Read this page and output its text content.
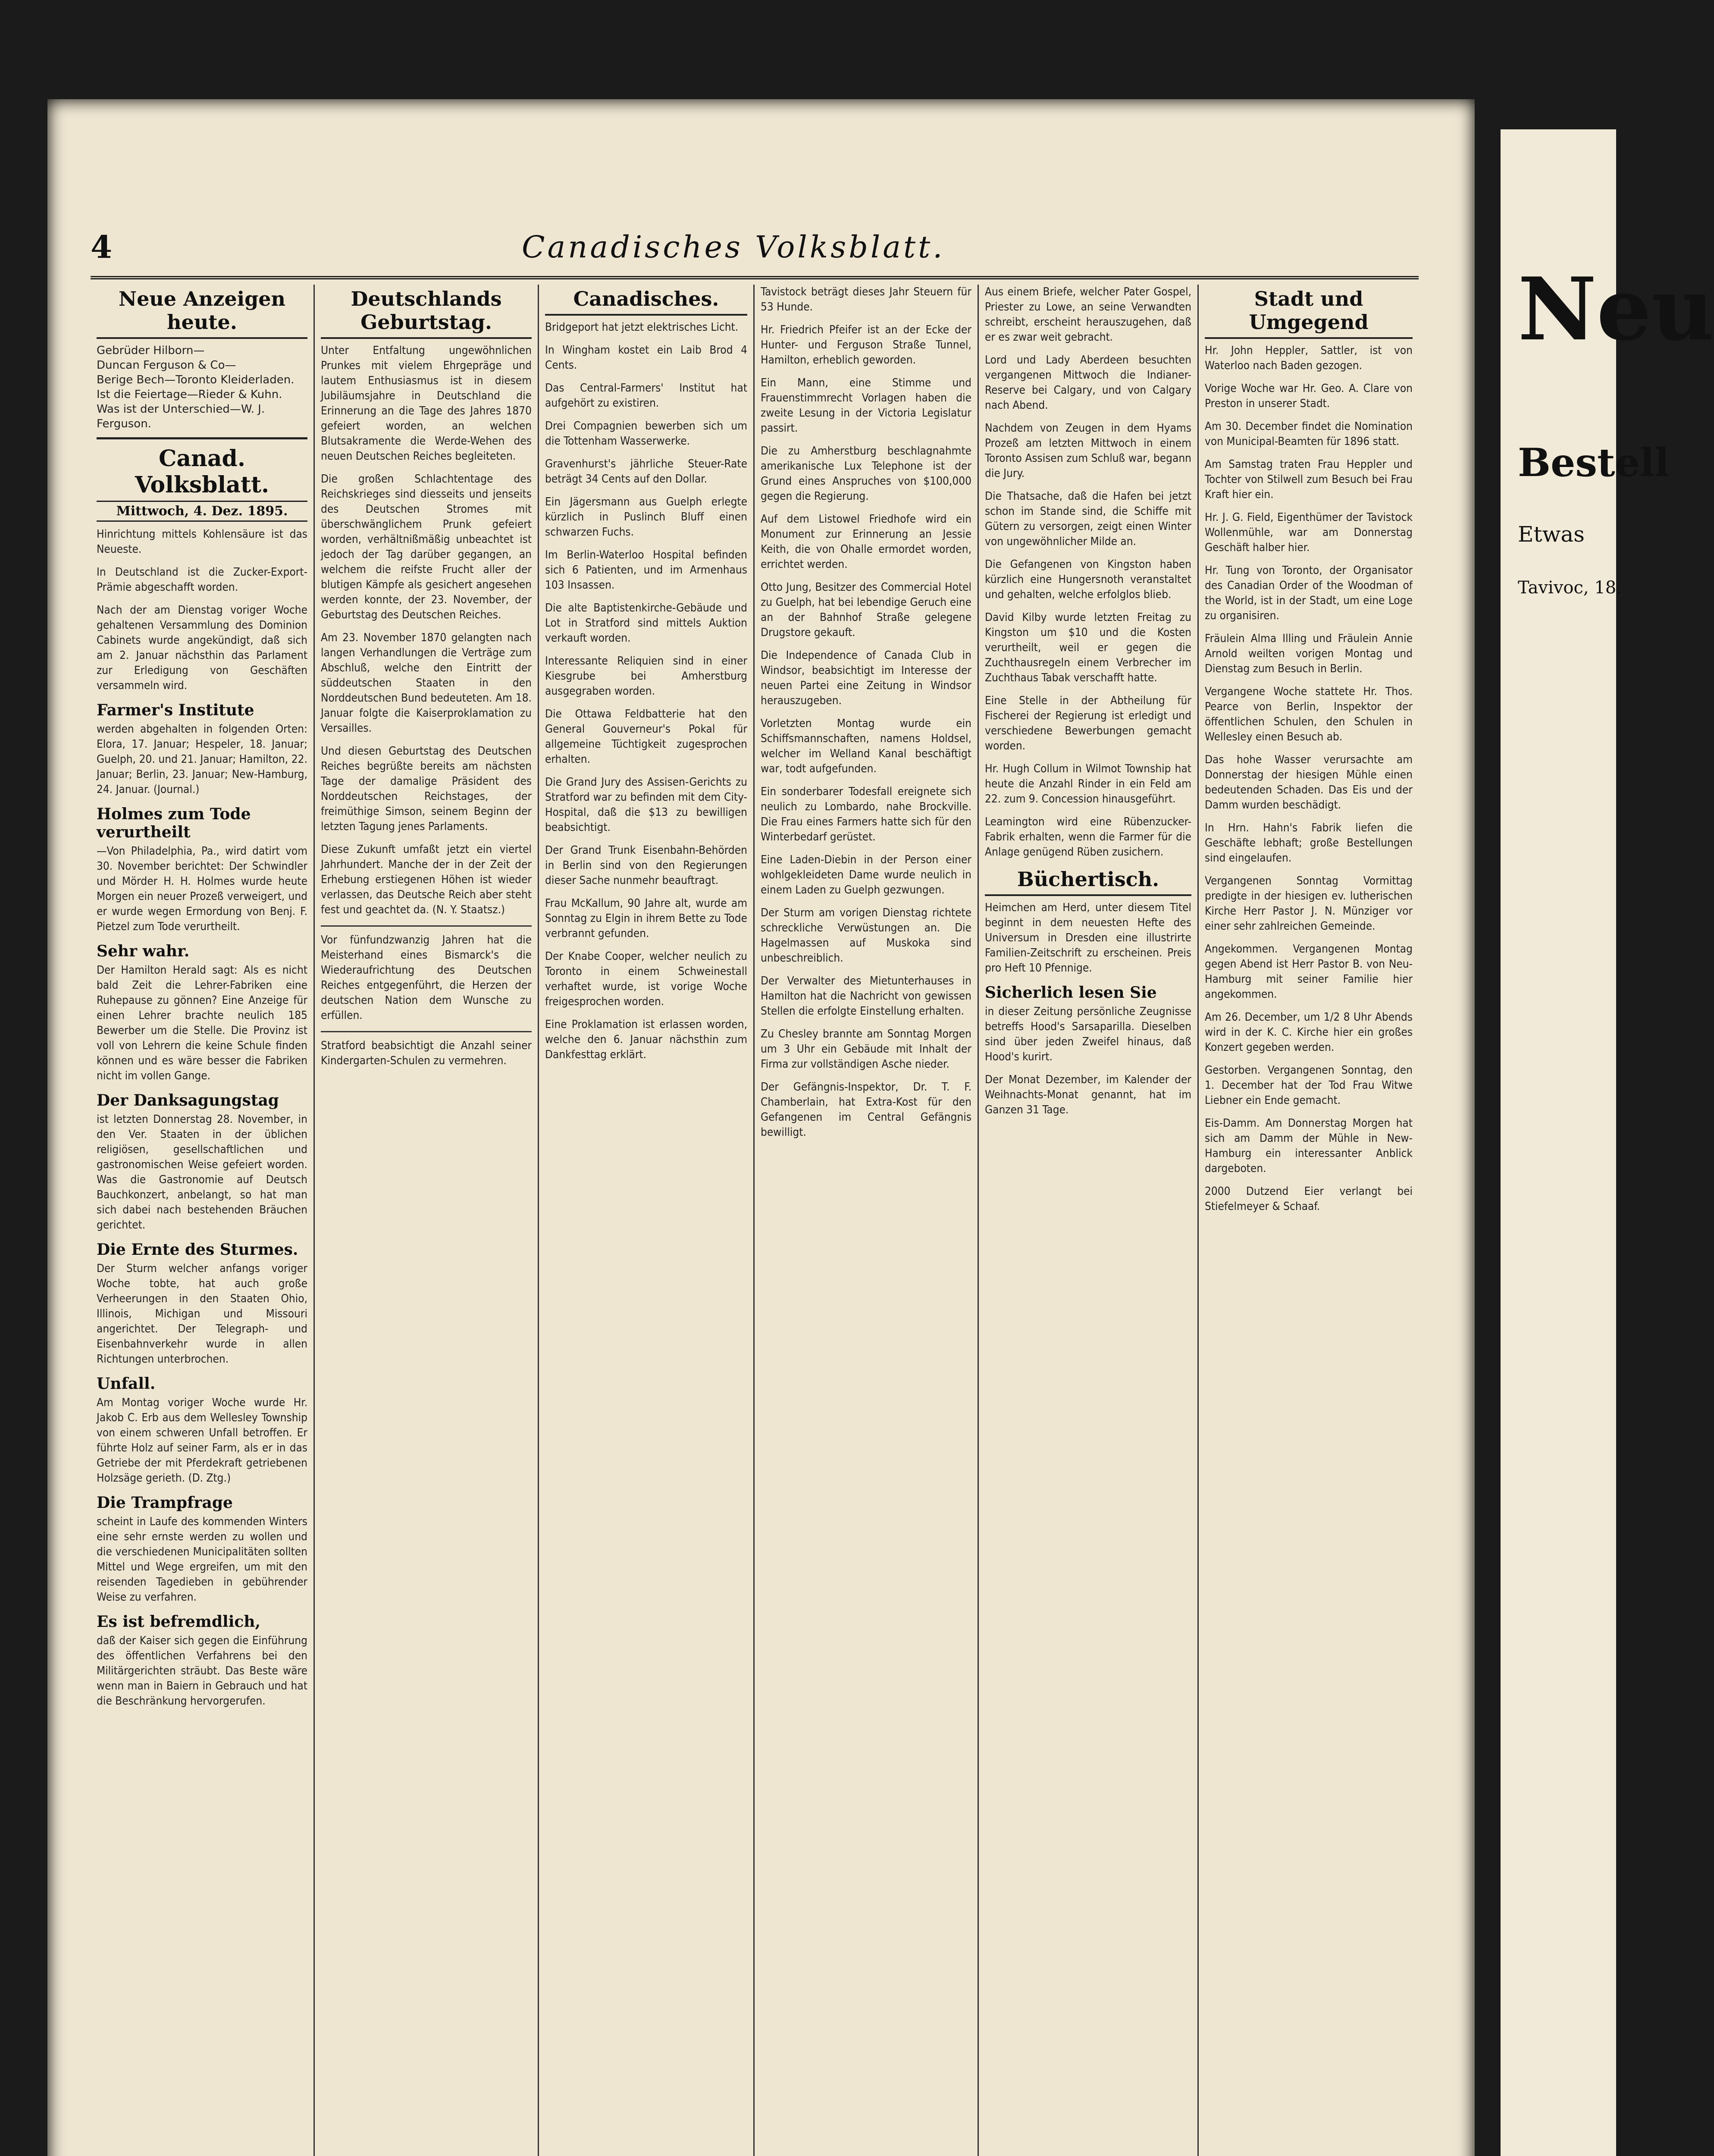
4	Canadisches Volksblatt.
Neue Anzeigen heute.
Gebrüder Hilborn—
Duncan Ferguson & Co—
Berige Bech—Toronto Kleiderladen.
Ist die Feiertage—Rieder & Kuhn.
Was ist der Unterschied—W. J. Ferguson.
Canad. Volksblatt.
Mittwoch, 4. Dez. 1895.

Hinrichtung mittels Kohlensäure ist das Neueste.

In Deutschland ist die Zucker-Export-Prämie abgeschafft worden.

Nach der am Dienstag voriger Woche gehaltenen Versammlung des Dominion Cabinets wurde angekündigt, daß sich am 2. Januar nächsthin das Parlament zur Erledigung von Geschäften versammeln wird.

Farmer's Institute

werden abgehalten in folgenden Orten: Elora, 17. Januar; Hespeler, 18. Januar; Guelph, 20. und 21. Januar; Hamilton, 22. Januar; Berlin, 23. Januar; New-Hamburg, 24. Januar. (Journal.)

Holmes zum Tode verurtheilt

—Von Philadelphia, Pa., wird datirt vom 30. November berichtet: Der Schwindler und Mörder H. H. Holmes wurde heute Morgen ein neuer Prozeß verweigert, und er wurde wegen Ermordung von Benj. F. Pietzel zum Tode verurtheilt.

Sehr wahr.

Der Hamilton Herald sagt: Als es nicht bald Zeit die Lehrer-Fabriken eine Ruhepause zu gönnen? Eine Anzeige für einen Lehrer brachte neulich 185 Bewerber um die Stelle. Die Provinz ist voll von Lehrern die keine Schule finden können und es wäre besser die Fabriken nicht im vollen Gange.

Der Danksagungstag

ist letzten Donnerstag 28. November, in den Ver. Staaten in der üblichen religiösen, gesellschaftlichen und gastronomischen Weise gefeiert worden. Was die Gastronomie auf Deutsch Bauchkonzert, anbelangt, so hat man sich dabei nach bestehenden Bräuchen gerichtet.

Die Ernte des Sturmes.

Der Sturm welcher anfangs voriger Woche tobte, hat auch große Verheerungen in den Staaten Ohio, Illinois, Michigan und Missouri angerichtet. Der Telegraph- und Eisenbahnverkehr wurde in allen Richtungen unterbrochen.

Unfall.

Am Montag voriger Woche wurde Hr. Jakob C. Erb aus dem Wellesley Township von einem schweren Unfall betroffen. Er führte Holz auf seiner Farm, als er in das Getriebe der mit Pferdekraft getriebenen Holzsäge gerieth. (D. Ztg.)

Die Trampfrage

scheint in Laufe des kommenden Winters eine sehr ernste werden zu wollen und die verschiedenen Municipalitäten sollten Mittel und Wege ergreifen, um mit den reisenden Tagedieben in gebührender Weise zu verfahren.

Es ist befremdlich,

daß der Kaiser sich gegen die Einführung des öffentlichen Verfahrens bei den Militärgerichten sträubt. Das Beste wäre wenn man in Baiern in Gebrauch und hat die Beschränkung hervorgerufen.

Deutschlands Geburtstag.

Unter Entfaltung ungewöhnlichen Prunkes mit vielem Ehrgepräge und lautem Enthusiasmus ist in diesem Jubiläumsjahre in Deutschland die Erinnerung an die Tage des Jahres 1870 gefeiert worden, an welchen Blutsakramente die Werde-Wehen des neuen Deutschen Reiches begleiteten.

Die großen Schlachtentage des Reichskrieges sind diesseits und jenseits des Deutschen Stromes mit überschwänglichem Prunk gefeiert worden, verhältnißmäßig unbeachtet ist jedoch der Tag darüber gegangen, an welchem die reifste Frucht aller der blutigen Kämpfe als gesichert angesehen werden konnte, der 23. November, der Geburtstag des Deutschen Reiches.

Am 23. November 1870 gelangten nach langen Verhandlungen die Verträge zum Abschluß, welche den Eintritt der süddeutschen Staaten in den Norddeutschen Bund bedeuteten. Am 18. Januar folgte die Kaiserproklamation zu Versailles.

Und diesen Geburtstag des Deutschen Reiches begrüßte bereits am nächsten Tage der damalige Präsident des Norddeutschen Reichstages, der freimüthige Simson, seinem Beginn der letzten Tagung jenes Parlaments.

Diese Zukunft umfaßt jetzt ein viertel Jahrhundert. Manche der in der Zeit der Erhebung erstiegenen Höhen ist wieder verlassen, das Deutsche Reich aber steht fest und geachtet da. (N. Y. Staatsz.)

Vor fünfundzwanzig Jahren hat die Meisterhand eines Bismarck's die Wiederaufrichtung des Deutschen Reiches entgegenführt, die Herzen der deutschen Nation dem Wunsche zu erfüllen.

Stratford beabsichtigt die Anzahl seiner Kindergarten-Schulen zu vermehren.

Canadisches.

Bridgeport hat jetzt elektrisches Licht.

In Wingham kostet ein Laib Brod 4 Cents.

Das Central-Farmers' Institut hat aufgehört zu existiren.

Drei Compagnien bewerben sich um die Tottenham Wasserwerke.

Gravenhurst's jährliche Steuer-Rate beträgt 34 Cents auf den Dollar.

Ein Jägersmann aus Guelph erlegte kürzlich in Puslinch Bluff einen schwarzen Fuchs.

Im Berlin-Waterloo Hospital befinden sich 6 Patienten, und im Armenhaus 103 Insassen.

Die alte Baptistenkirche-Gebäude und Lot in Stratford sind mittels Auktion verkauft worden.

Interessante Reliquien sind in einer Kiesgrube bei Amherstburg ausgegraben worden.

Die Ottawa Feldbatterie hat den General Gouverneur's Pokal für allgemeine Tüchtigkeit zugesprochen erhalten.

Die Grand Jury des Assisen-Gerichts zu Stratford war zu befinden mit dem City-Hospital, daß die $13 zu bewilligen beabsichtigt.

Der Grand Trunk Eisenbahn-Behörden in Berlin sind von den Regierungen dieser Sache nunmehr beauftragt.

Frau McKallum, 90 Jahre alt, wurde am Sonntag zu Elgin in ihrem Bette zu Tode verbrannt gefunden.

Der Knabe Cooper, welcher neulich zu Toronto in einem Schweinestall verhaftet wurde, ist vorige Woche freigesprochen worden.

Eine Proklamation ist erlassen worden, welche den 6. Januar nächsthin zum Dankfesttag erklärt.

Tavistock beträgt dieses Jahr Steuern für 53 Hunde.

Hr. Friedrich Pfeifer ist an der Ecke der Hunter- und Ferguson Straße Tunnel, Hamilton, erheblich geworden.

Ein Mann, eine Stimme und Frauenstimmrecht Vorlagen haben die zweite Lesung in der Victoria Legislatur passirt.

Die zu Amherstburg beschlagnahmte amerikanische Lux Telephone ist der Grund eines Anspruches von $100,000 gegen die Regierung.

Auf dem Listowel Friedhofe wird ein Monument zur Erinnerung an Jessie Keith, die von Ohalle ermordet worden, errichtet werden.

Otto Jung, Besitzer des Commercial Hotel zu Guelph, hat bei lebendige Geruch eine an der Bahnhof Straße gelegene Drugstore gekauft.

Die Independence of Canada Club in Windsor, beabsichtigt im Interesse der neuen Partei eine Zeitung in Windsor herauszugeben.

Vorletzten Montag wurde ein Schiffsmannschaften, namens Holdsel, welcher im Welland Kanal beschäftigt war, todt aufgefunden.

Ein sonderbarer Todesfall ereignete sich neulich zu Lombardo, nahe Brockville. Die Frau eines Farmers hatte sich für den Winterbedarf gerüstet.

Eine Laden-Diebin in der Person einer wohlgekleideten Dame wurde neulich in einem Laden zu Guelph gezwungen.

Der Sturm am vorigen Dienstag richtete schreckliche Verwüstungen an. Die Hagelmassen auf Muskoka sind unbeschreiblich.

Der Verwalter des Mietunterhauses in Hamilton hat die Nachricht von gewissen Stellen die erfolgte Einstellung erhalten.

Zu Chesley brannte am Sonntag Morgen um 3 Uhr ein Gebäude mit Inhalt der Firma zur vollständigen Asche nieder.

Der Gefängnis-Inspektor, Dr. T. F. Chamberlain, hat Extra-Kost für den Gefangenen im Central Gefängnis bewilligt.

Aus einem Briefe, welcher Pater Gospel, Priester zu Lowe, an seine Verwandten schreibt, erscheint herauszugehen, daß er es zwar weit gebracht.

Lord und Lady Aberdeen besuchten vergangenen Mittwoch die Indianer-Reserve bei Calgary, und von Calgary nach Abend.

Nachdem von Zeugen in dem Hyams Prozeß am letzten Mittwoch in einem Toronto Assisen zum Schluß war, begann die Jury.

Die Thatsache, daß die Hafen bei jetzt schon im Stande sind, die Schiffe mit Gütern zu versorgen, zeigt einen Winter von ungewöhnlicher Milde an.

Die Gefangenen von Kingston haben kürzlich eine Hungersnoth veranstaltet und gehalten, welche erfolglos blieb.

David Kilby wurde letzten Freitag zu Kingston um $10 und die Kosten verurtheilt, weil er gegen die Zuchthausregeln einem Verbrecher im Zuchthaus Tabak verschafft hatte.

Eine Stelle in der Abtheilung für Fischerei der Regierung ist erledigt und verschiedene Bewerbungen gemacht worden.

Hr. Hugh Collum in Wilmot Township hat heute die Anzahl Rinder in ein Feld am 22. zum 9. Concession hinausgeführt.

Leamington wird eine Rübenzucker-Fabrik erhalten, wenn die Farmer für die Anlage genügend Rüben zusichern.

Büchertisch.

Heimchen am Herd, unter diesem Titel beginnt in dem neuesten Hefte des Universum in Dresden eine illustrirte Familien-Zeitschrift zu erscheinen. Preis pro Heft 10 Pfennige.

Sicherlich lesen Sie

in dieser Zeitung persönliche Zeugnisse betreffs Hood's Sarsaparilla. Dieselben sind über jeden Zweifel hinaus, daß Hood's kurirt.

Der Monat Dezember, im Kalender der Weihnachts-Monat genannt, hat im Ganzen 31 Tage.

Stadt und Umgegend

Hr. John Heppler, Sattler, ist von Waterloo nach Baden gezogen.

Vorige Woche war Hr. Geo. A. Clare von Preston in unserer Stadt.

Am 30. December findet die Nomination von Municipal-Beamten für 1896 statt.

Am Samstag traten Frau Heppler und Tochter von Stilwell zum Besuch bei Frau Kraft hier ein.

Hr. J. G. Field, Eigenthümer der Tavistock Wollenmühle, war am Donnerstag Geschäft halber hier.

Hr. Tung von Toronto, der Organisator des Canadian Order of the Woodman of the World, ist in der Stadt, um eine Loge zu organisiren.

Fräulein Alma Illing und Fräulein Annie Arnold weilten vorigen Montag und Dienstag zum Besuch in Berlin.

Vergangene Woche stattete Hr. Thos. Pearce von Berlin, Inspektor der öffentlichen Schulen, den Schulen in Wellesley einen Besuch ab.

Das hohe Wasser verursachte am Donnerstag der hiesigen Mühle einen bedeutenden Schaden. Das Eis und der Damm wurden beschädigt.

In Hrn. Hahn's Fabrik liefen die Geschäfte lebhaft; große Bestellungen sind eingelaufen.

Vergangenen Sonntag Vormittag predigte in der hiesigen ev. lutherischen Kirche Herr Pastor J. N. Münziger vor einer sehr zahlreichen Gemeinde.

Angekommen. Vergangenen Montag gegen Abend ist Herr Pastor B. von Neu-Hamburg mit seiner Familie hier angekommen.

Am 26. December, um 1/2 8 Uhr Abends wird in der K. C. Kirche hier ein großes Konzert gegeben werden.

Gestorben. Vergangenen Sonntag, den 1. December hat der Tod Frau Witwe Liebner ein Ende gemacht.

Eis-Damm. Am Donnerstag Morgen hat sich am Damm der Mühle in New-Hamburg ein interessanter Anblick dargeboten.

2000 Dutzend Eier verlangt bei Stiefelmeyer & Schaaf.

Neu
Bestell
Etwas
Tavivoc, 18.
